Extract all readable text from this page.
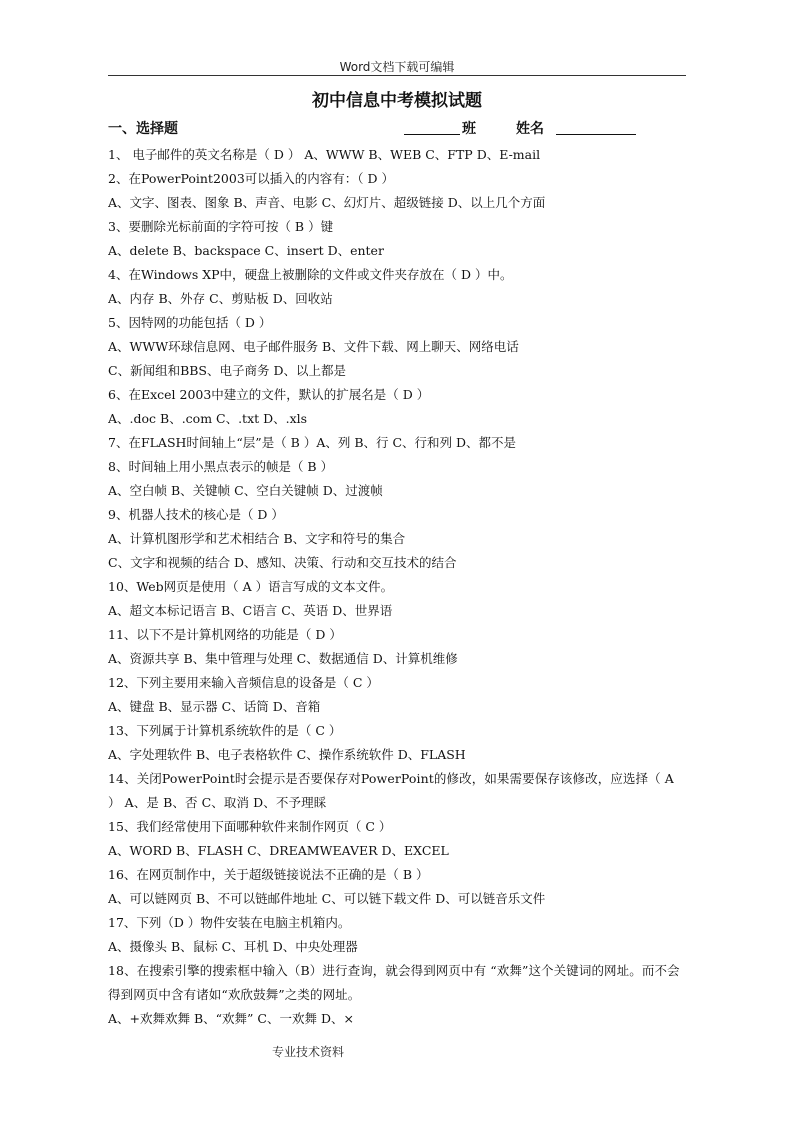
Word文档下载可编辑
初中信息中考模拟试题
一、选择题	班	姓名
1、 电子邮件的英文名称是（ D ） A、WWW B、WEB C、FTP D、E-mail
2、在PowerPoint2003可以插入的内容有：（ D ）
A、文字、图表、图象 B、声音、电影 C、幻灯片、超级链接 D、以上几个方面
3、要删除光标前面的字符可按（ B ）键
A、delete B、backspace C、insert D、enter
4、在Windows XP中，硬盘上被删除的文件或文件夹存放在（ D ）中。
A、内存 B、外存 C、剪贴板 D、回收站
5、因特网的功能包括（ D ）
A、WWW环球信息网、电子邮件服务 B、文件下载、网上聊天、网络电话
C、新闻组和BBS、电子商务 D、以上都是
6、在Excel 2003中建立的文件，默认的扩展名是（ D ）
A、.doc B、.com C、.txt D、.xls
7、在FLASH时间轴上“层”是（ B ）A、列 B、行 C、行和列 D、都不是
8、时间轴上用小黑点表示的帧是（ B ）
A、空白帧 B、关键帧 C、空白关键帧 D、过渡帧
9、机器人技术的核心是（ D ）
A、计算机图形学和艺术相结合 B、文字和符号的集合
C、文字和视频的结合 D、感知、决策、行动和交互技术的结合
10、Web网页是使用（ A ）语言写成的文本文件。
A、超文本标记语言 B、C语言 C、英语 D、世界语
11、以下不是计算机网络的功能是（ D ）
A、资源共享 B、集中管理与处理 C、数据通信 D、计算机维修
12、下列主要用来输入音频信息的设备是（ C ）
A、键盘 B、显示器 C、话筒 D、音箱
13、下列属于计算机系统软件的是（ C ）
A、字处理软件 B、电子表格软件 C、操作系统软件 D、FLASH
14、关闭PowerPoint时会提示是否要保存对PowerPoint的修改，如果需要保存该修改，应选择（ A ） A、是 B、否 C、取消 D、不予理睬
15、我们经常使用下面哪种软件来制作网页（ C ）
A、WORD B、FLASH C、DREAMWEAVER D、EXCEL
16、在网页制作中，关于超级链接说法不正确的是（ B ）
A、可以链网页 B、不可以链邮件地址 C、可以链下载文件 D、可以链音乐文件
17、下列（D ）物件安装在电脑主机箱内。
A、摄像头 B、鼠标 C、耳机 D、中央处理器
18、在搜索引擎的搜索框中输入（B）进行查询，就会得到网页中有 “欢舞”这个关键词的网址。而不会得到网页中含有诸如“欢欣鼓舞”之类的网址。
A、+欢舞欢舞 B、“欢舞” C、一欢舞 D、×
专业技术资料
